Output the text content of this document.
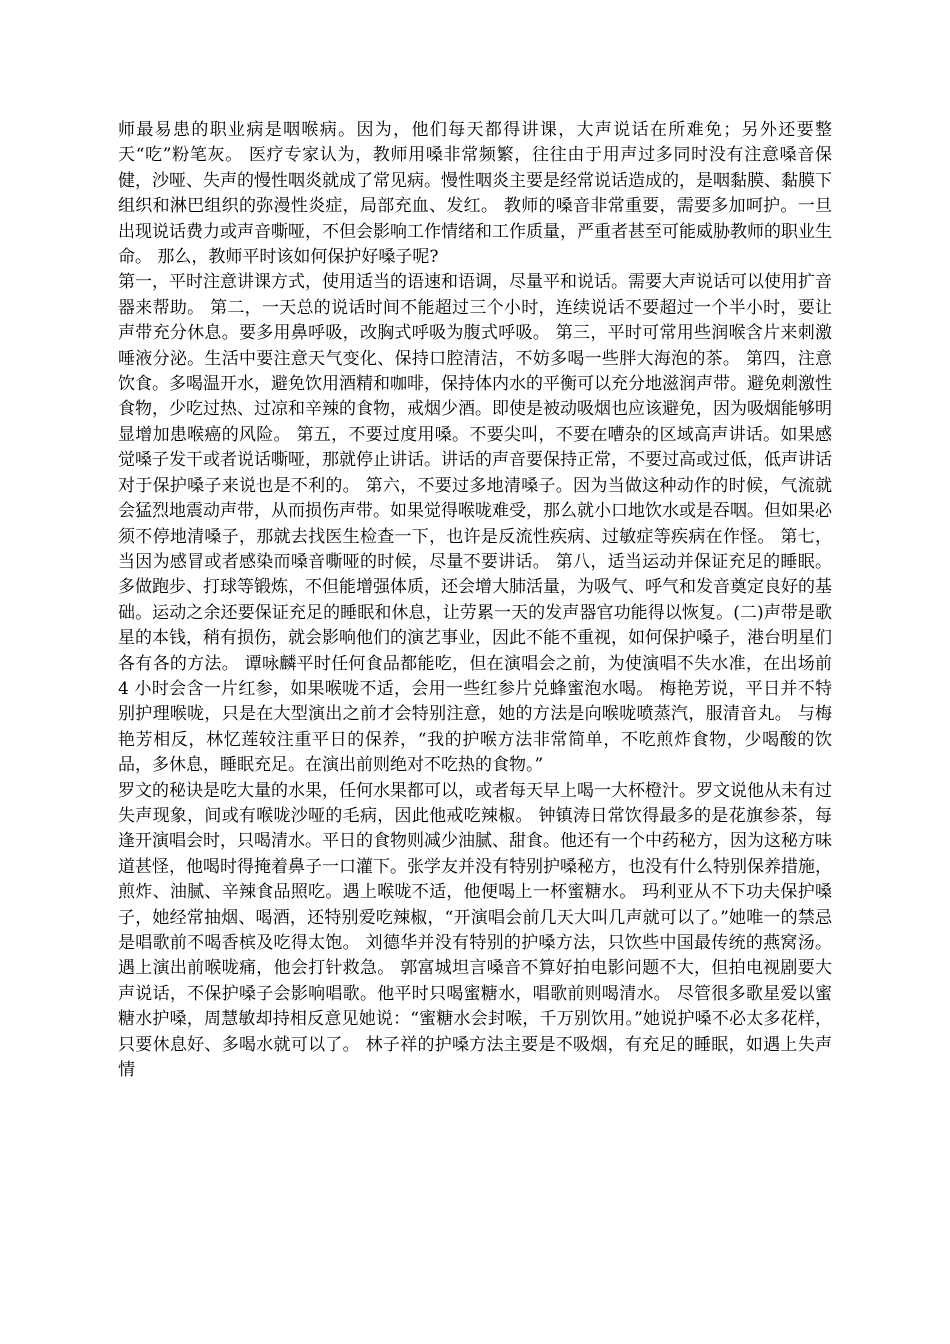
师最易患的职业病是咽喉病。因为，他们每天都得讲课，大声说话在所难免；另外还要整天“吃”粉笔灰。 医疗专家认为，教师用嗓非常频繁，往往由于用声过多同时没有注意嗓音保健，沙哑、失声的慢性咽炎就成了常见病。慢性咽炎主要是经常说话造成的，是咽黏膜、黏膜下组织和淋巴组织的弥漫性炎症，局部充血、发红。 教师的嗓音非常重要，需要多加呵护。一旦出现说话费力或声音嘶哑，不但会影响工作情绪和工作质量，严重者甚至可能威胁教师的职业生命。 那么，教师平时该如何保护好嗓子呢?

第一，平时注意讲课方式，使用适当的语速和语调，尽量平和说话。需要大声说话可以使用扩音器来帮助。 第二，一天总的说话时间不能超过三个小时，连续说话不要超过一个半小时，要让声带充分休息。要多用鼻呼吸，改胸式呼吸为腹式呼吸。 第三，平时可常用些润喉含片来刺激唾液分泌。生活中要注意天气变化、保持口腔清洁，不妨多喝一些胖大海泡的茶。 第四，注意饮食。多喝温开水，避免饮用酒精和咖啡，保持体内水的平衡可以充分地滋润声带。避免刺激性食物，少吃过热、过凉和辛辣的食物，戒烟少酒。即使是被动吸烟也应该避免，因为吸烟能够明显增加患喉癌的风险。 第五，不要过度用嗓。不要尖叫，不要在嘈杂的区域高声讲话。如果感觉嗓子发干或者说话嘶哑，那就停止讲话。讲话的声音要保持正常，不要过高或过低，低声讲话对于保护嗓子来说也是不利的。 第六，不要过多地清嗓子。因为当做这种动作的时候，气流就会猛烈地震动声带，从而损伤声带。如果觉得喉咙难受，那么就小口地饮水或是吞咽。但如果必须不停地清嗓子，那就去找医生检查一下，也许是反流性疾病、过敏症等疾病在作怪。 第七，当因为感冒或者感染而嗓音嘶哑的时候，尽量不要讲话。 第八，适当运动并保证充足的睡眠。多做跑步、打球等锻炼，不但能增强体质，还会增大肺活量，为吸气、呼气和发音奠定良好的基础。运动之余还要保证充足的睡眠和休息，让劳累一天的发声器官功能得以恢复。(二)声带是歌星的本钱，稍有损伤，就会影响他们的演艺事业，因此不能不重视，如何保护嗓子，港台明星们各有各的方法。 谭咏麟平时任何食品都能吃，但在演唱会之前，为使演唱不失水准，在出场前 4 小时会含一片红参，如果喉咙不适，会用一些红参片兑蜂蜜泡水喝。 梅艳芳说，平日并不特别护理喉咙，只是在大型演出之前才会特别注意，她的方法是向喉咙喷蒸汽，服清音丸。 与梅艳芳相反，林忆莲较注重平日的保养，“我的护喉方法非常简单，不吃煎炸食物，少喝酸的饮品，多休息，睡眠充足。在演出前则绝对不吃热的食物。”

罗文的秘诀是吃大量的水果，任何水果都可以，或者每天早上喝一大杯橙汁。罗文说他从未有过失声现象，间或有喉咙沙哑的毛病，因此他戒吃辣椒。 钟镇涛日常饮得最多的是花旗参茶，每逢开演唱会时，只喝清水。平日的食物则减少油腻、甜食。他还有一个中药秘方，因为这秘方味道甚怪，他喝时得掩着鼻子一口灌下。张学友并没有特别护嗓秘方，也没有什么特别保养措施，煎炸、油腻、辛辣食品照吃。遇上喉咙不适，他便喝上一杯蜜糖水。 玛利亚从不下功夫保护嗓子，她经常抽烟、喝酒，还特别爱吃辣椒，“开演唱会前几天大叫几声就可以了。”她唯一的禁忌是唱歌前不喝香槟及吃得太饱。 刘德华并没有特别的护嗓方法，只饮些中国最传统的燕窝汤。遇上演出前喉咙痛，他会打针救急。 郭富城坦言嗓音不算好拍电影问题不大，但拍电视剧要大声说话，不保护嗓子会影响唱歌。他平时只喝蜜糖水，唱歌前则喝清水。 尽管很多歌星爱以蜜糖水护嗓，周慧敏却持相反意见她说：“蜜糖水会封喉，千万别饮用。”她说护嗓不必太多花样，只要休息好、多喝水就可以了。 林子祥的护嗓方法主要是不吸烟，有充足的睡眠，如遇上失声情
